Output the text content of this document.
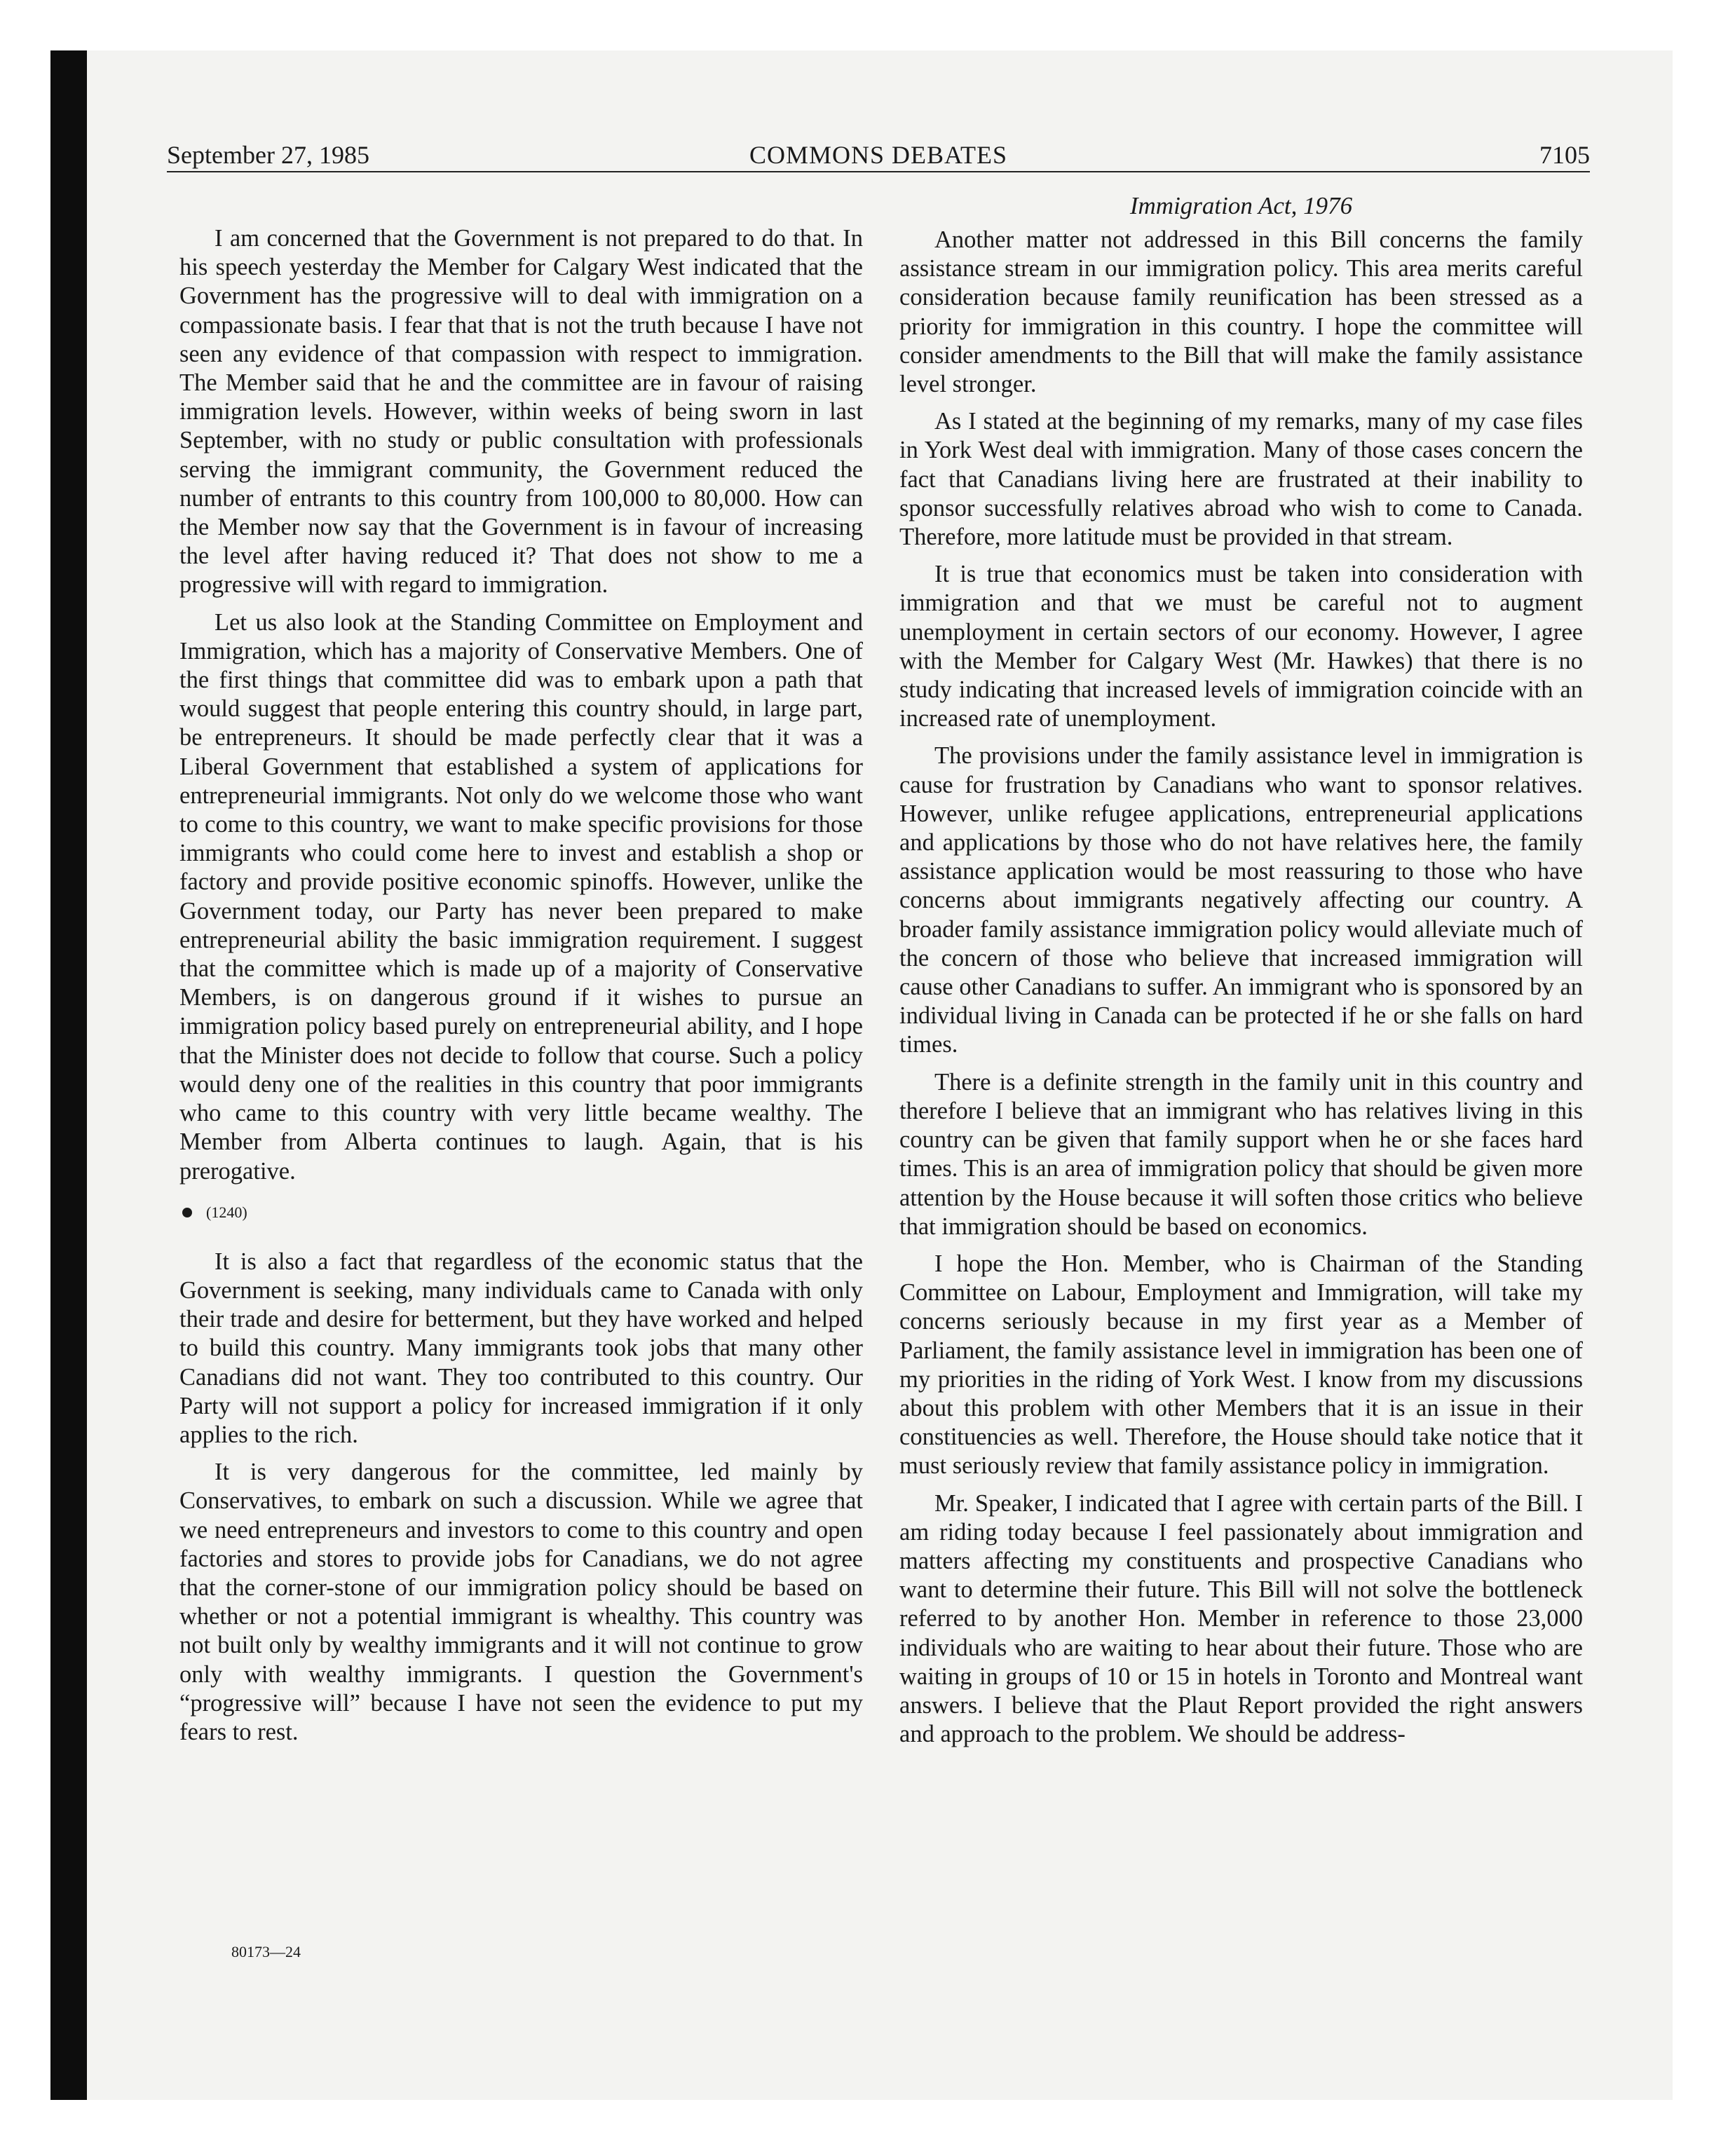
September 27, 1985	COMMONS DEBATES	7105
Immigration Act, 1976

I am concerned that the Government is not prepared to do that. In his speech yesterday the Member for Calgary West indicated that the Government has the progressive will to deal with immigration on a compassionate basis. I fear that that is not the truth because I have not seen any evidence of that compassion with respect to immigration. The Member said that he and the committee are in favour of raising immigration levels. However, within weeks of being sworn in last September, with no study or public consultation with professionals serving the immigrant community, the Government reduced the number of entrants to this country from 100,000 to 80,000. How can the Member now say that the Government is in favour of increasing the level after having reduced it? That does not show to me a progressive will with regard to immigration.

Let us also look at the Standing Committee on Employment and Immigration, which has a majority of Conservative Members. One of the first things that committee did was to embark upon a path that would suggest that people entering this country should, in large part, be entrepreneurs. It should be made perfectly clear that it was a Liberal Government that established a system of applications for entrepreneurial immigrants. Not only do we welcome those who want to come to this country, we want to make specific provisions for those immigrants who could come here to invest and establish a shop or factory and provide positive economic spinoffs. However, unlike the Government today, our Party has never been prepared to make entrepreneurial ability the basic immigration requirement. I suggest that the committee which is made up of a majority of Conservative Members, is on dangerous ground if it wishes to pursue an immigration policy based purely on entrepreneurial ability, and I hope that the Minister does not decide to follow that course. Such a policy would deny one of the realities in this country that poor immigrants who came to this country with very little became wealthy. The Member from Alberta continues to laugh. Again, that is his prerogative.

(1240)

It is also a fact that regardless of the economic status that the Government is seeking, many individuals came to Canada with only their trade and desire for betterment, but they have worked and helped to build this country. Many immigrants took jobs that many other Canadians did not want. They too contributed to this country. Our Party will not support a policy for increased immigration if it only applies to the rich.

It is very dangerous for the committee, led mainly by Conservatives, to embark on such a discussion. While we agree that we need entrepreneurs and investors to come to this country and open factories and stores to provide jobs for Canadians, we do not agree that the corner-stone of our immigration policy should be based on whether or not a potential immigrant is whealthy. This country was not built only by wealthy immigrants and it will not continue to grow only with wealthy immigrants. I question the Government's “progressive will” because I have not seen the evidence to put my fears to rest.

Another matter not addressed in this Bill concerns the family assistance stream in our immigration policy. This area merits careful consideration because family reunification has been stressed as a priority for immigration in this country. I hope the committee will consider amendments to the Bill that will make the family assistance level stronger.

As I stated at the beginning of my remarks, many of my case files in York West deal with immigration. Many of those cases concern the fact that Canadians living here are frustrated at their inability to sponsor successfully relatives abroad who wish to come to Canada. Therefore, more latitude must be provided in that stream.

It is true that economics must be taken into consideration with immigration and that we must be careful not to augment unemployment in certain sectors of our economy. However, I agree with the Member for Calgary West (Mr. Hawkes) that there is no study indicating that increased levels of immigration coincide with an increased rate of unemployment.

The provisions under the family assistance level in immigration is cause for frustration by Canadians who want to sponsor relatives. However, unlike refugee applications, entrepreneurial applications and applications by those who do not have relatives here, the family assistance application would be most reassuring to those who have concerns about immigrants negatively affecting our country. A broader family assistance immigration policy would alleviate much of the concern of those who believe that increased immigration will cause other Canadians to suffer. An immigrant who is sponsored by an individual living in Canada can be protected if he or she falls on hard times.

There is a definite strength in the family unit in this country and therefore I believe that an immigrant who has relatives living in this country can be given that family support when he or she faces hard times. This is an area of immigration policy that should be given more attention by the House because it will soften those critics who believe that immigration should be based on economics.

I hope the Hon. Member, who is Chairman of the Standing Committee on Labour, Employment and Immigration, will take my concerns seriously because in my first year as a Member of Parliament, the family assistance level in immigration has been one of my priorities in the riding of York West. I know from my discussions about this problem with other Members that it is an issue in their constituencies as well. Therefore, the House should take notice that it must seriously review that family assistance policy in immigration.

Mr. Speaker, I indicated that I agree with certain parts of the Bill. I am riding today because I feel passionately about immigration and matters affecting my constituents and prospective Canadians who want to determine their future. This Bill will not solve the bottleneck referred to by another Hon. Member in reference to those 23,000 individuals who are waiting to hear about their future. Those who are waiting in groups of 10 or 15 in hotels in Toronto and Montreal want answers. I believe that the Plaut Report provided the right answers and approach to the problem. We should be address-

80173—24
